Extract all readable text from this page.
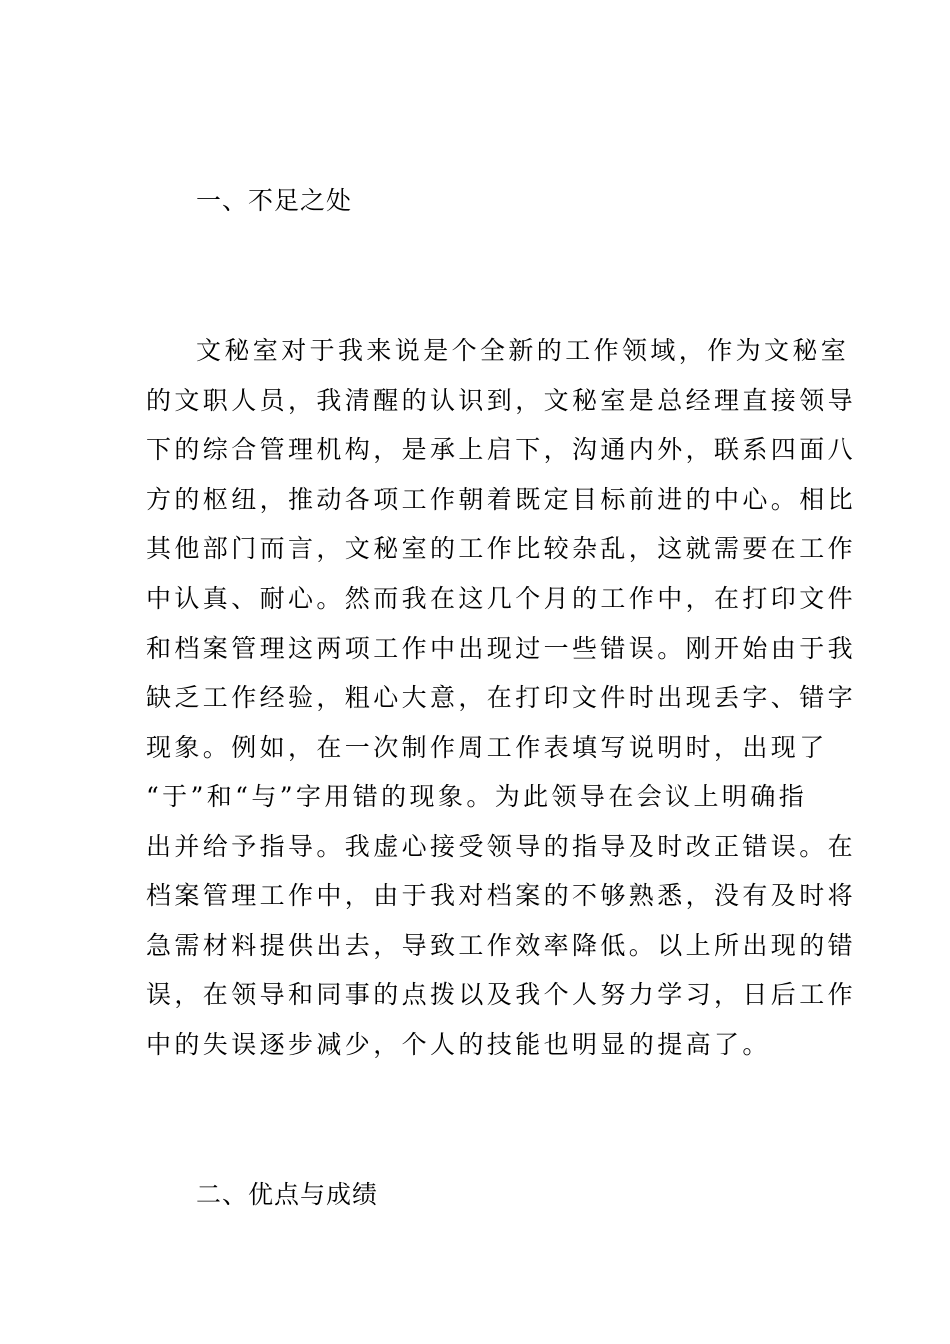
一、不足之处
文秘室对于我来说是个全新的工作领域，作为文秘室
的文职人员，我清醒的认识到，文秘室是总经理直接领导
下的综合管理机构，是承上启下，沟通内外，联系四面八
方的枢纽，推动各项工作朝着既定目标前进的中心。相比
其他部门而言，文秘室的工作比较杂乱，这就需要在工作
中认真、耐心。然而我在这几个月的工作中，在打印文件
和档案管理这两项工作中出现过一些错误。刚开始由于我
缺乏工作经验，粗心大意，在打印文件时出现丢字、错字
现象。例如，在一次制作周工作表填写说明时，出现了
“于”和“与”字用错的现象。为此领导在会议上明确指
出并给予指导。我虚心接受领导的指导及时改正错误。在
档案管理工作中，由于我对档案的不够熟悉，没有及时将
急需材料提供出去，导致工作效率降低。以上所出现的错
误，在领导和同事的点拨以及我个人努力学习，日后工作
中的失误逐步减少，个人的技能也明显的提高了。
二、优点与成绩
